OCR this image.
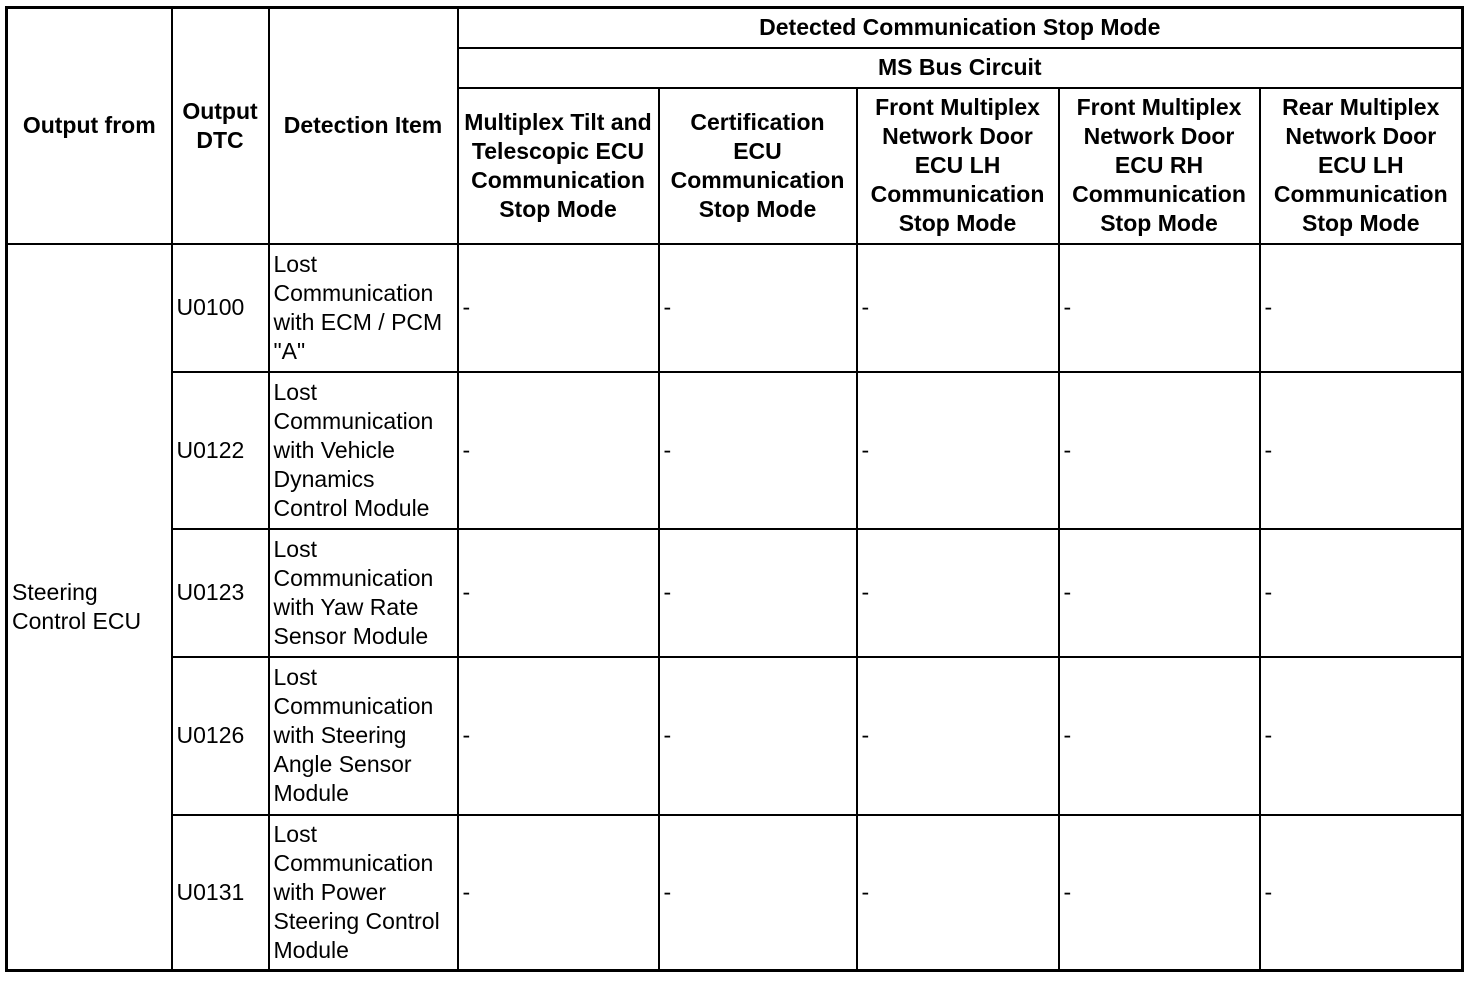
Output from	Output DTC	Detection Item	Detected Communication Stop Mode				
			MS Bus Circuit				
			Multiplex Tilt and Telescopic ECU Communication Stop Mode	Certification ECU Communication Stop Mode	Front Multiplex Network Door ECU LH Communication Stop Mode	Front Multiplex Network Door ECU RH Communication Stop Mode	Rear Multiplex Network Door ECU LH Communication Stop Mode
Steering Control ECU	U0100	Lost Communication with ECM / PCM "A"	-	-	-	-	-
	U0122	Lost Communication with Vehicle Dynamics Control Module	-	-	-	-	-
	U0123	Lost Communication with Yaw Rate Sensor Module	-	-	-	-	-
	U0126	Lost Communication with Steering Angle Sensor Module	-	-	-	-	-
	U0131	Lost Communication with Power Steering Control Module	-	-	-	-	-
